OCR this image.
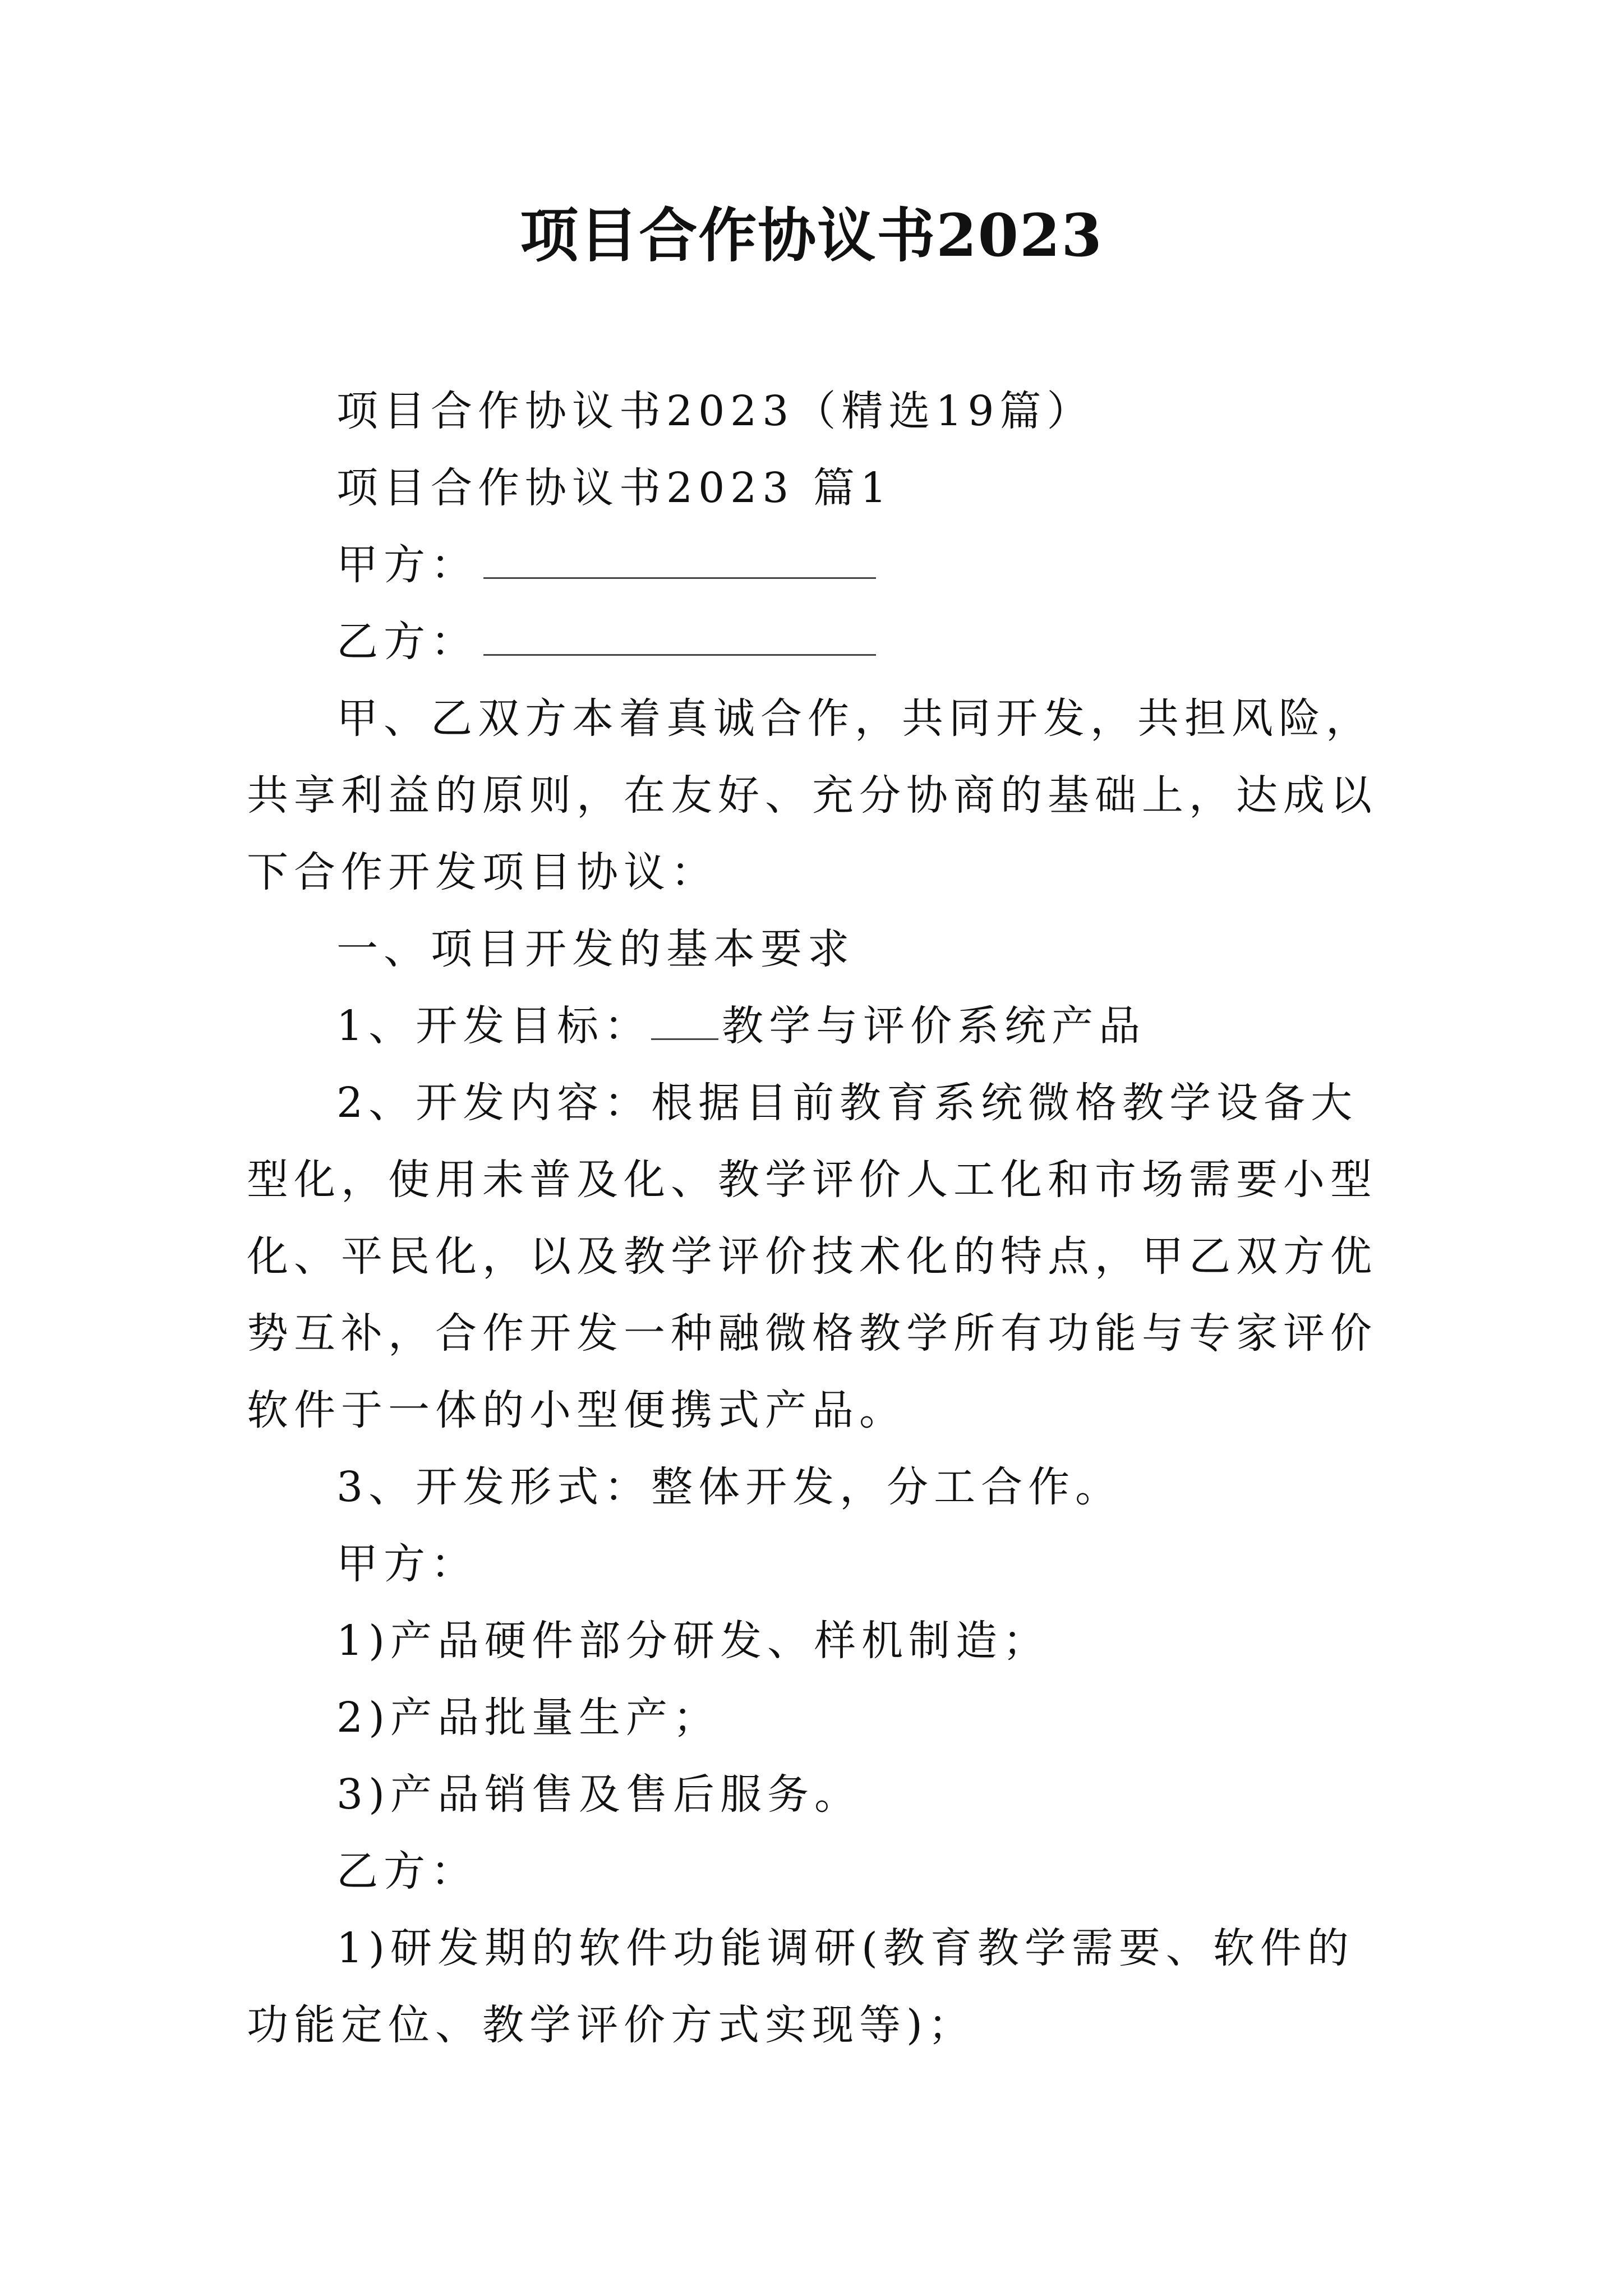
项目合作协议书2023

项目合作协议书2023（精选19篇）

项目合作协议书2023 篇1

甲方：

乙方：

甲、乙双方本着真诚合作，共同开发，共担风险，共享利益的原则，在友好、充分协商的基础上，达成以下合作开发项目协议：

一、项目开发的基本要求

1、开发目标： 教学与评价系统产品

2、开发内容：根据目前教育系统微格教学设备大型化，使用未普及化、教学评价人工化和市场需要小型化、平民化，以及教学评价技术化的特点，甲乙双方优势互补，合作开发一种融微格教学所有功能与专家评价软件于一体的小型便携式产品。

3、开发形式：整体开发，分工合作。

甲方：

1)产品硬件部分研发、样机制造；

2)产品批量生产；

3)产品销售及售后服务。

乙方：

1)研发期的软件功能调研(教育教学需要、软件的功能定位、教学评价方式实现等)；
